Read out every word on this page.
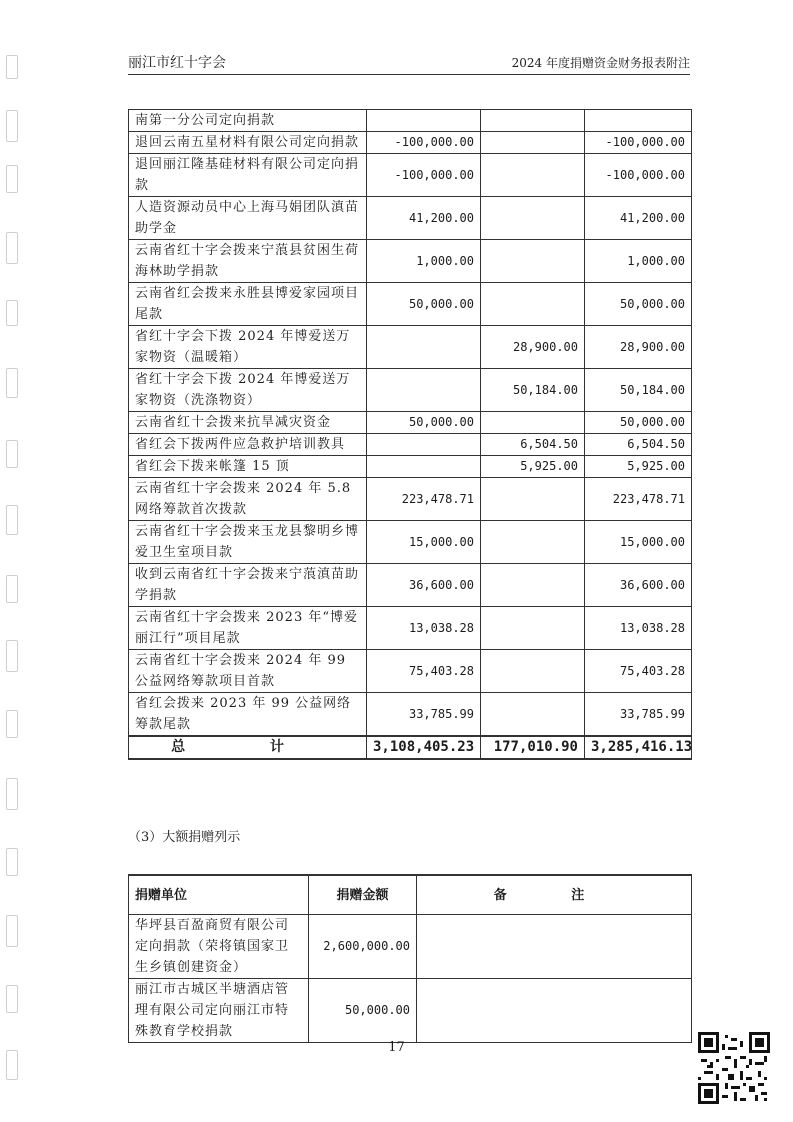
丽江市红十字会	2024 年度捐赠资金财务报表附注
南第一分公司定向捐款			
退回云南五星材料有限公司定向捐款	-100,000.00		-100,000.00
退回丽江隆基硅材料有限公司定向捐款	-100,000.00		-100,000.00
人造资源动员中心上海马娟团队滇苗助学金	41,200.00		41,200.00
云南省红十字会拨来宁蒗县贫困生荷海林助学捐款	1,000.00		1,000.00
云南省红会拨来永胜县博爱家园项目尾款	50,000.00		50,000.00
省红十字会下拨 2024 年博爱送万家物资（温暖箱）		28,900.00	28,900.00
省红十字会下拨 2024 年博爱送万家物资（洗涤物资）		50,184.00	50,184.00
云南省红十会拨来抗旱减灾资金	50,000.00		50,000.00
省红会下拨两件应急救护培训教具		6,504.50	6,504.50
省红会下拨来帐篷 15 顶		5,925.00	5,925.00
云南省红十字会拨来 2024 年 5.8 网络筹款首次拨款	223,478.71		223,478.71
云南省红十字会拨来玉龙县黎明乡博爱卫生室项目款	15,000.00		15,000.00
收到云南省红十字会拨来宁蒗滇苗助学捐款	36,600.00		36,600.00
云南省红十字会拨来 2023 年“博爱丽江行”项目尾款	13,038.28		13,038.28
云南省红十字会拨来 2024 年 99 公益网络筹款项目首款	75,403.28		75,403.28
省红会拨来 2023 年 99 公益网络筹款尾款	33,785.99		33,785.99
总 计	3,108,405.23	177,010.90	3,285,416.13
（3）大额捐赠列示
捐赠单位	捐赠金额	备 注
华坪县百盈商贸有限公司定向捐款（荣将镇国家卫生乡镇创建资金）	2,600,000.00	
丽江市古城区半塘酒店管理有限公司定向丽江市特殊教育学校捐款	50,000.00	
17
